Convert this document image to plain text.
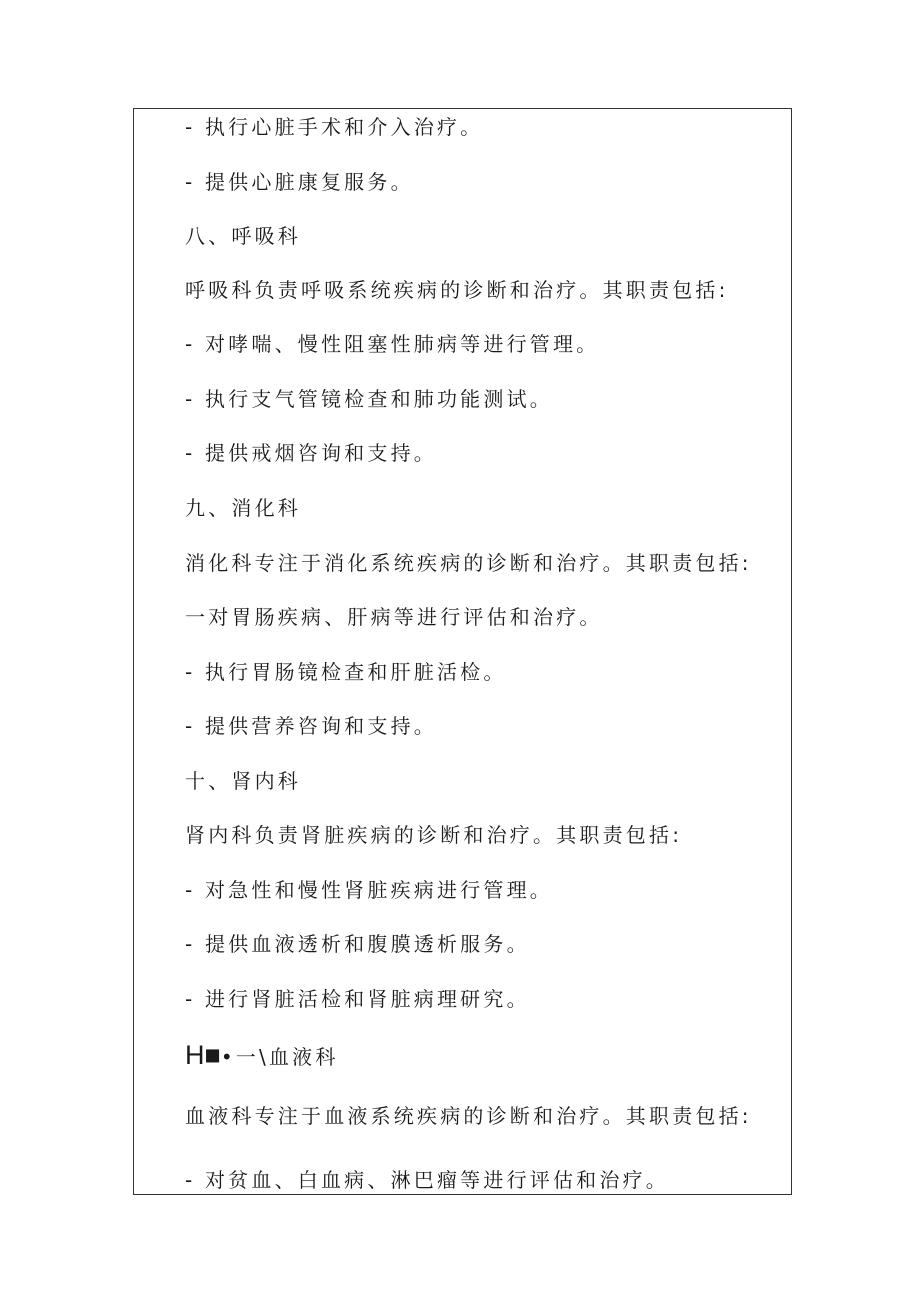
- 执行心脏手术和介入治疗。
- 提供心脏康复服务。
八、呼吸科
呼吸科负责呼吸系统疾病的诊断和治疗。其职责包括:
- 对哮喘、慢性阻塞性肺病等进行管理。
- 执行支气管镜检查和肺功能测试。
- 提供戒烟咨询和支持。
九、消化科
消化科专注于消化系统疾病的诊断和治疗。其职责包括:
一对胃肠疾病、肝病等进行评估和治疗。
- 执行胃肠镜检查和肝脏活检。
- 提供营养咨询和支持。
十、肾内科
肾内科负责肾脏疾病的诊断和治疗。其职责包括:
- 对急性和慢性肾脏疾病进行管理。
- 提供血液透析和腹膜透析服务。
- 进行肾脏活检和肾脏病理研究。
H■•一\血液科
血液科专注于血液系统疾病的诊断和治疗。其职责包括:
- 对贫血、白血病、淋巴瘤等进行评估和治疗。
